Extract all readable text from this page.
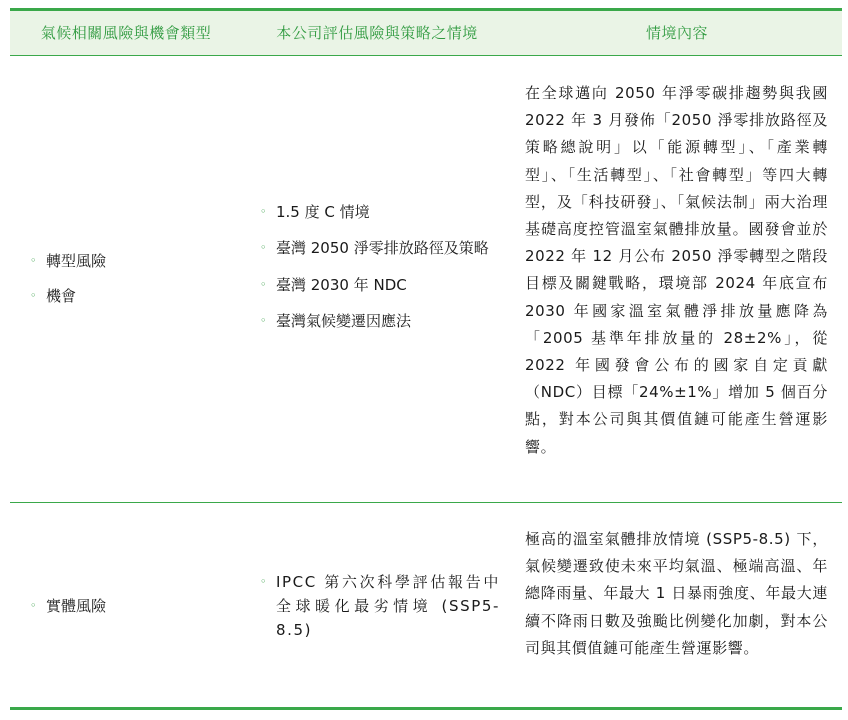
氣候相關風險與機會類型	本公司評估風險與策略之情境	情境內容
◦ 轉型風險
◦ 機會
◦ 1.5 度 C 情境
◦ 臺灣 2050 淨零排放路徑及策略
◦ 臺灣 2030 年 NDC
◦ 臺灣氣候變遷因應法
在全球邁向 2050 年淨零碳排趨勢與我國 2022 年 3 月發佈「2050 淨零排放路徑及策略總說明」以「能源轉型」、「產業轉型」、「生活轉型」、「社會轉型」等四大轉型，及「科技研發」、「氣候法制」兩大治理基礎高度控管溫室氣體排放量。國發會並於 2022 年 12 月公布 2050 淨零轉型之階段目標及關鍵戰略，環境部 2024 年底宣布 2030 年國家溫室氣體淨排放量應降為「2005 基準年排放量的 28±2%」，從 2022 年國發會公布的國家自定貢獻（NDC）目標「24%±1%」增加 5 個百分點，對本公司與其價值鏈可能產生營運影響。
◦ 實體風險
◦ IPCC 第六次科學評估報告中全球暖化最劣情境 (SSP5-8.5)
極高的溫室氣體排放情境 (SSP5-8.5) 下，氣候變遷致使未來平均氣溫、極端高溫、年總降雨量、年最大 1 日暴雨強度、年最大連續不降雨日數及強颱比例變化加劇，對本公司與其價值鏈可能產生營運影響。
